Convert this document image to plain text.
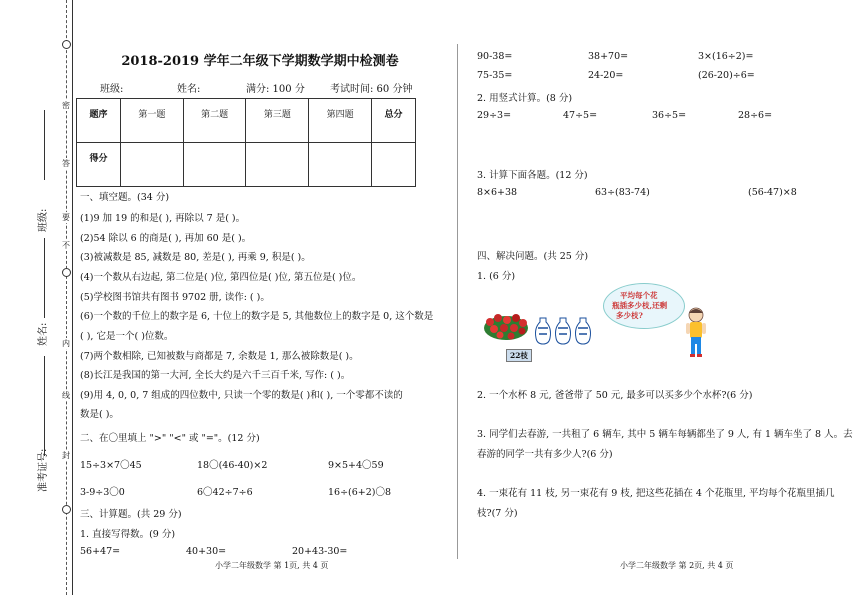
班级:
姓名:
准考证号:
密
答
要
不
内
线
封
2018-2019 学年二年级下学期数学期中检测卷
班级:	姓名:	满分: 100 分	考试时间: 60 分钟
题序	第一题	第二题	第三题	第四题	总分
得分					
一、填空题。(34 分)
(1)9 加 19 的和是( ), 再除以 7 是( )。
(2)54 除以 6 的商是( ), 再加 60 是( )。
(3)被减数是 85, 减数是 80, 差是( ), 再乘 9, 积是( )。
(4)一个数从右边起, 第二位是( )位, 第四位是( )位, 第五位是( )位。
(5)学校图书馆共有图书 9702 册, 读作: ( )。
(6)一个数的千位上的数字是 6, 十位上的数字是 5, 其他数位上的数字是 0, 这个数是
( ), 它是一个( )位数。
(7)两个数相除, 已知被数与商都是 7, 余数是 1, 那么被除数是( )。
(8)长江是我国的第一大河, 全长大约是六千三百千米, 写作: ( )。
(9)用 4, 0, 0, 7 组成的四位数中, 只读一个零的数是( )和( ), 一个零都不读的
数是( )。
二、在〇里填上 ">" "<" 或 "="。(12 分)
15÷3×7〇45	18〇(46-40)×2	9×5+4〇59
3-9÷3〇0	6〇42÷7÷6	16÷(6+2)〇8
三、计算题。(共 29 分)
1. 直接写得数。(9 分)
56+47=	40+30=	20+43-30=
小学二年级数学 第 1页, 共 4 页
90-38=	38+70=	3×(16÷2)=
75-35=	24-20=	(26-20)÷6=
2. 用竖式计算。(8 分)
29÷3=	47÷5=	36÷5=	28÷6=
3. 计算下面各题。(12 分)
8×6+38	63÷(83-74)	(56-47)×8
四、解决问题。(共 25 分)
1. (6 分)
22枝
平均每个花
瓶插多少枝,还剩
多少枝?
2. 一个水杯 8 元, 爸爸带了 50 元, 最多可以买多少个水杯?(6 分)
3. 同学们去春游, 一共租了 6 辆车, 其中 5 辆车每辆都坐了 9 人, 有 1 辆车坐了 8 人。去
春游的同学一共有多少人?(6 分)
4. 一束花有 11 枝, 另一束花有 9 枝, 把这些花插在 4 个花瓶里, 平均每个花瓶里插几
枝?(7 分)
小学二年级数学 第 2页, 共 4 页
